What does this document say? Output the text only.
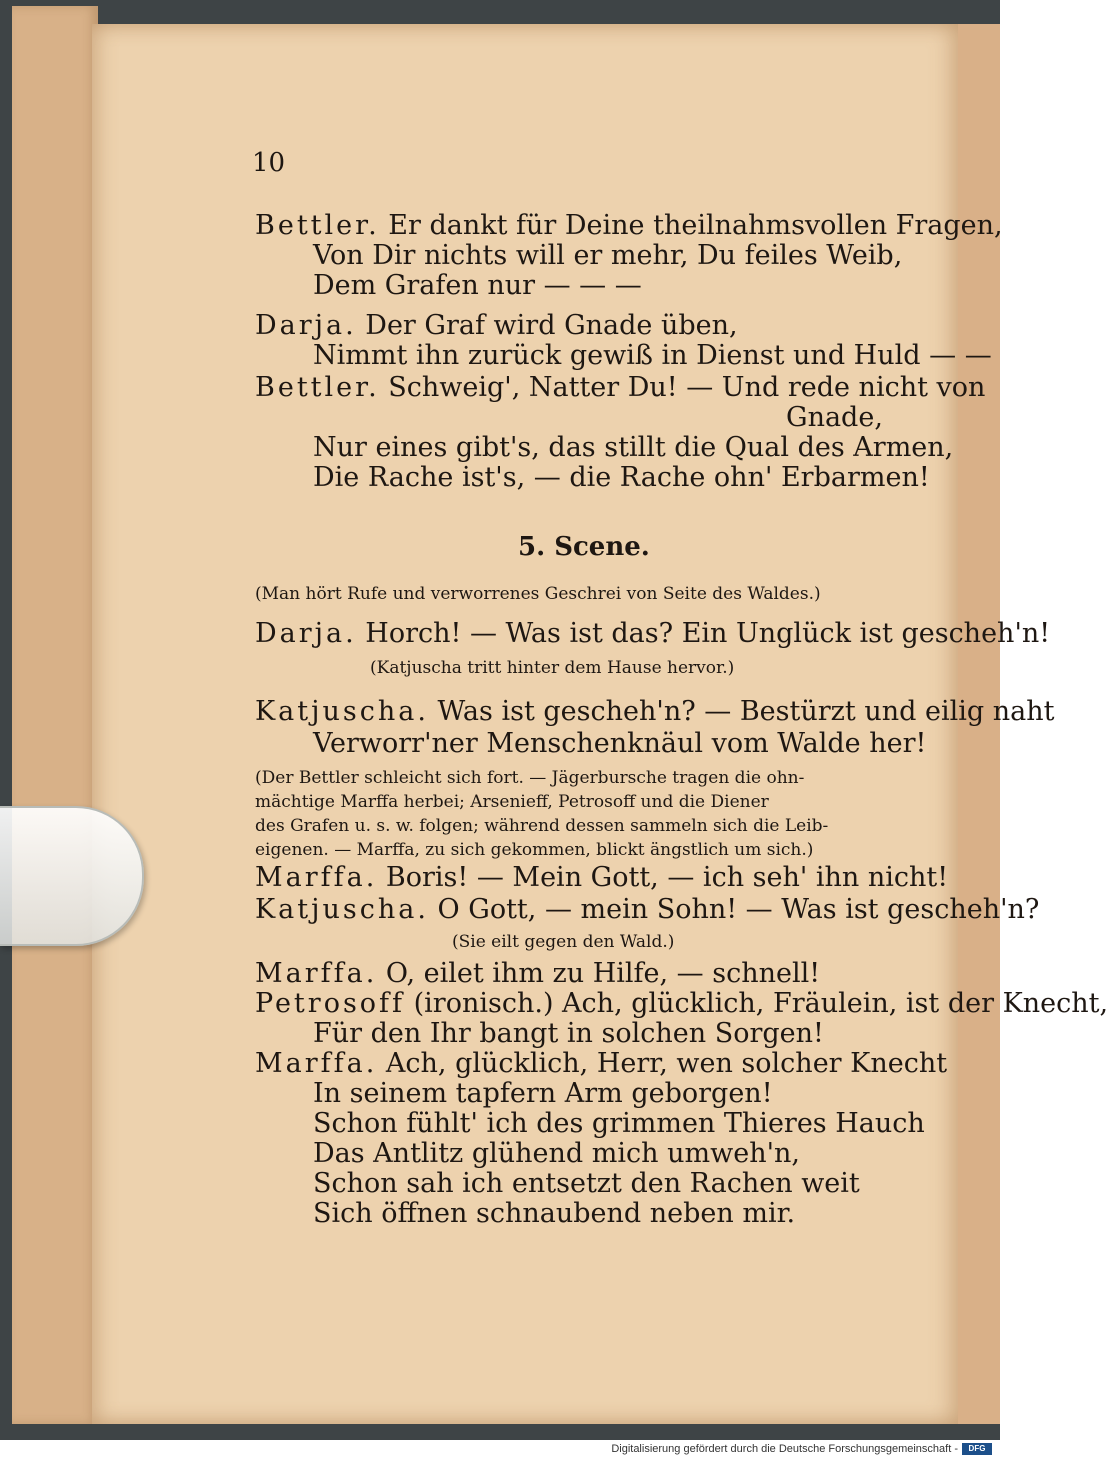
10
Bettler. Er dankt für Deine theilnahmsvollen Fragen,
Von Dir nichts will er mehr, Du feiles Weib,
Dem Grafen nur — — —
Darja. Der Graf wird Gnade üben,
Nimmt ihn zurück gewiß in Dienst und Huld — —
Bettler. Schweig', Natter Du! — Und rede nicht von
Gnade,
Nur eines gibt's, das stillt die Qual des Armen,
Die Rache ist's, — die Rache ohn' Erbarmen!
5. Scene.
(Man hört Rufe und verworrenes Geschrei von Seite des Waldes.)
Darja. Horch! — Was ist das? Ein Unglück ist gescheh'n!
(Katjuscha tritt hinter dem Hause hervor.)
Katjuscha. Was ist gescheh'n? — Bestürzt und eilig naht
Verworr'ner Menschenknäul vom Walde her!
(Der Bettler schleicht sich fort. — Jägerbursche tragen die ohn-
mächtige Marffa herbei; Arsenieff, Petrosoff und die Diener
des Grafen u. s. w. folgen; während dessen sammeln sich die Leib-
eigenen. — Marffa, zu sich gekommen, blickt ängstlich um sich.)
Marffa. Boris! — Mein Gott, — ich seh' ihn nicht!
Katjuscha. O Gott, — mein Sohn! — Was ist gescheh'n?
(Sie eilt gegen den Wald.)
Marffa. O, eilet ihm zu Hilfe, — schnell!
Petrosoff (ironisch.) Ach, glücklich, Fräulein, ist der Knecht,
Für den Ihr bangt in solchen Sorgen!
Marffa. Ach, glücklich, Herr, wen solcher Knecht
In seinem tapfern Arm geborgen!
Schon fühlt' ich des grimmen Thieres Hauch
Das Antlitz glühend mich umweh'n,
Schon sah ich entsetzt den Rachen weit
Sich öffnen schnaubend neben mir.
Digitalisierung gefördert durch die Deutsche Forschungsgemeinschaft -	DFG
